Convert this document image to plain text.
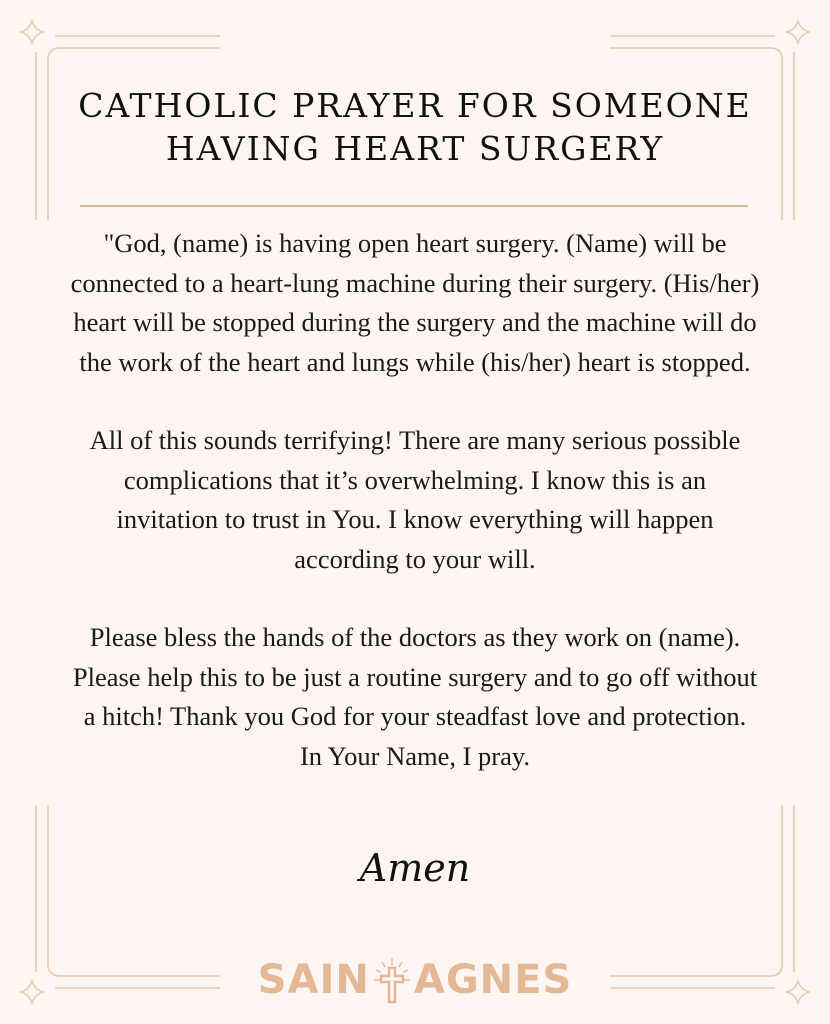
CATHOLIC PRAYER FOR SOMEONE
HAVING HEART SURGERY

"God, (name) is having open heart surgery. (Name) will be connected to a heart-lung machine during their surgery. (His/her) heart will be stopped during the surgery and the machine will do the work of the heart and lungs while (his/her) heart is stopped.

All of this sounds terrifying! There are many serious possible complications that it’s overwhelming. I know this is an invitation to trust in You. I know everything will happen according to your will.

Please bless the hands of the doctors as they work on (name). Please help this to be just a routine surgery and to go off without a hitch! Thank you God for your steadfast love and protection. In Your Name, I pray.

Amen
SAIN AGNES
